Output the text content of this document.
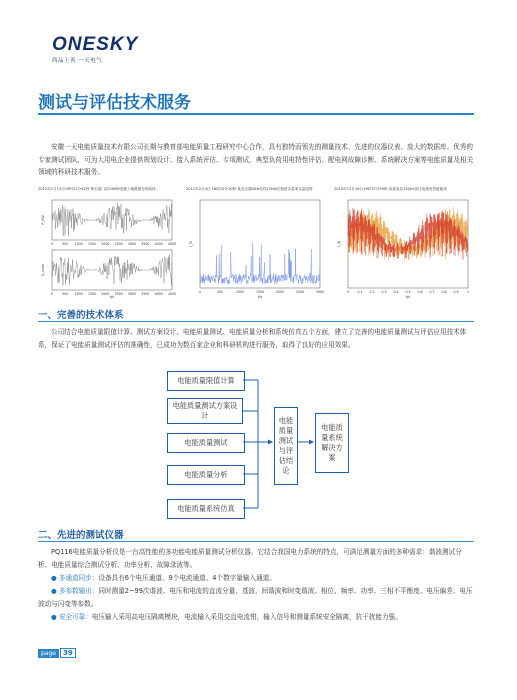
ONESKY
尚品上善 一天电气
测试与评估技术服务
安徽一天电能质量技术有限公司长期与教育部电能质量工程研究中心合作，具有独特而领先的测量技术、先进的仪器仪表、庞大的数据库、优秀的专家测试团队，可为大用电企业提供规划设计、接入系统评估、专项测试、典型负荷用电特性评估、配电网故障诊断、系统解决方案等电能质量及相关领域的科研技术服务。
2012年1月13日19时22分42秒 黄石某门店24MW变频工地数据分析曲线
0	500 1000 1500 2000 2500 3000 3500 4000 4500
P_kW
0	500 1000 1500 2000 2500 3000 3500 4000 4500
Q_kvar
t/s
2011年2月4日 18时10分10秒 某变压器40#电线12kW次谐波含量率含量趋势
0	500	1000	1500	2000	2500	3000
I_%
t/s
2010年12月16日19时37分50秒 某某电站150kV高压电流有效值曲线
0	0.1 0.2 0.3 0.4 0.5 0.6 0.7 0.8 0.9	1
I_/A
t/s
一、完善的技术体系
公司结合电能质量限值计算、测试方案设计、电能质量测试、电能质量分析和系统仿真五个方面，建立了完善的电能质量测试与评估应用技术体系，保证了电能质量测试评估的准确性，已成功为数百家企业和科研机构进行服务，取得了良好的应用效果。
电能质量限值计算
电能质量测试方案设计
电能质量测试
电能质量分析
电能质量系统仿真
电能质量测试与评估结论
电能质量系统解决方案
二、先进的测试仪器
PQ116电能质量分析仪是一台高性能的多功能电能质量测试分析仪器。它结合我国电力系统的特点，可满足测量方面的多种需求：谐波测试分析、电能质量综合测试分析、功率分析、故障录波等。
● 多通道同步：设备具有6个电压通道、9个电流通道、4个数字量输入通道。
● 多参数输出：同时测量2~99次谐波、电压和电流的直流分量、基波、间谐波和时变谐波、相位、频率、功率、三相不平衡度、电压偏差、电压波动与闪变等参数。
● 安全可靠：电压输入采用高电压隔离模块，电流输入采用交直电流钳，输入信号和测量系统安全隔离，抗干扰能力强。
page	39
